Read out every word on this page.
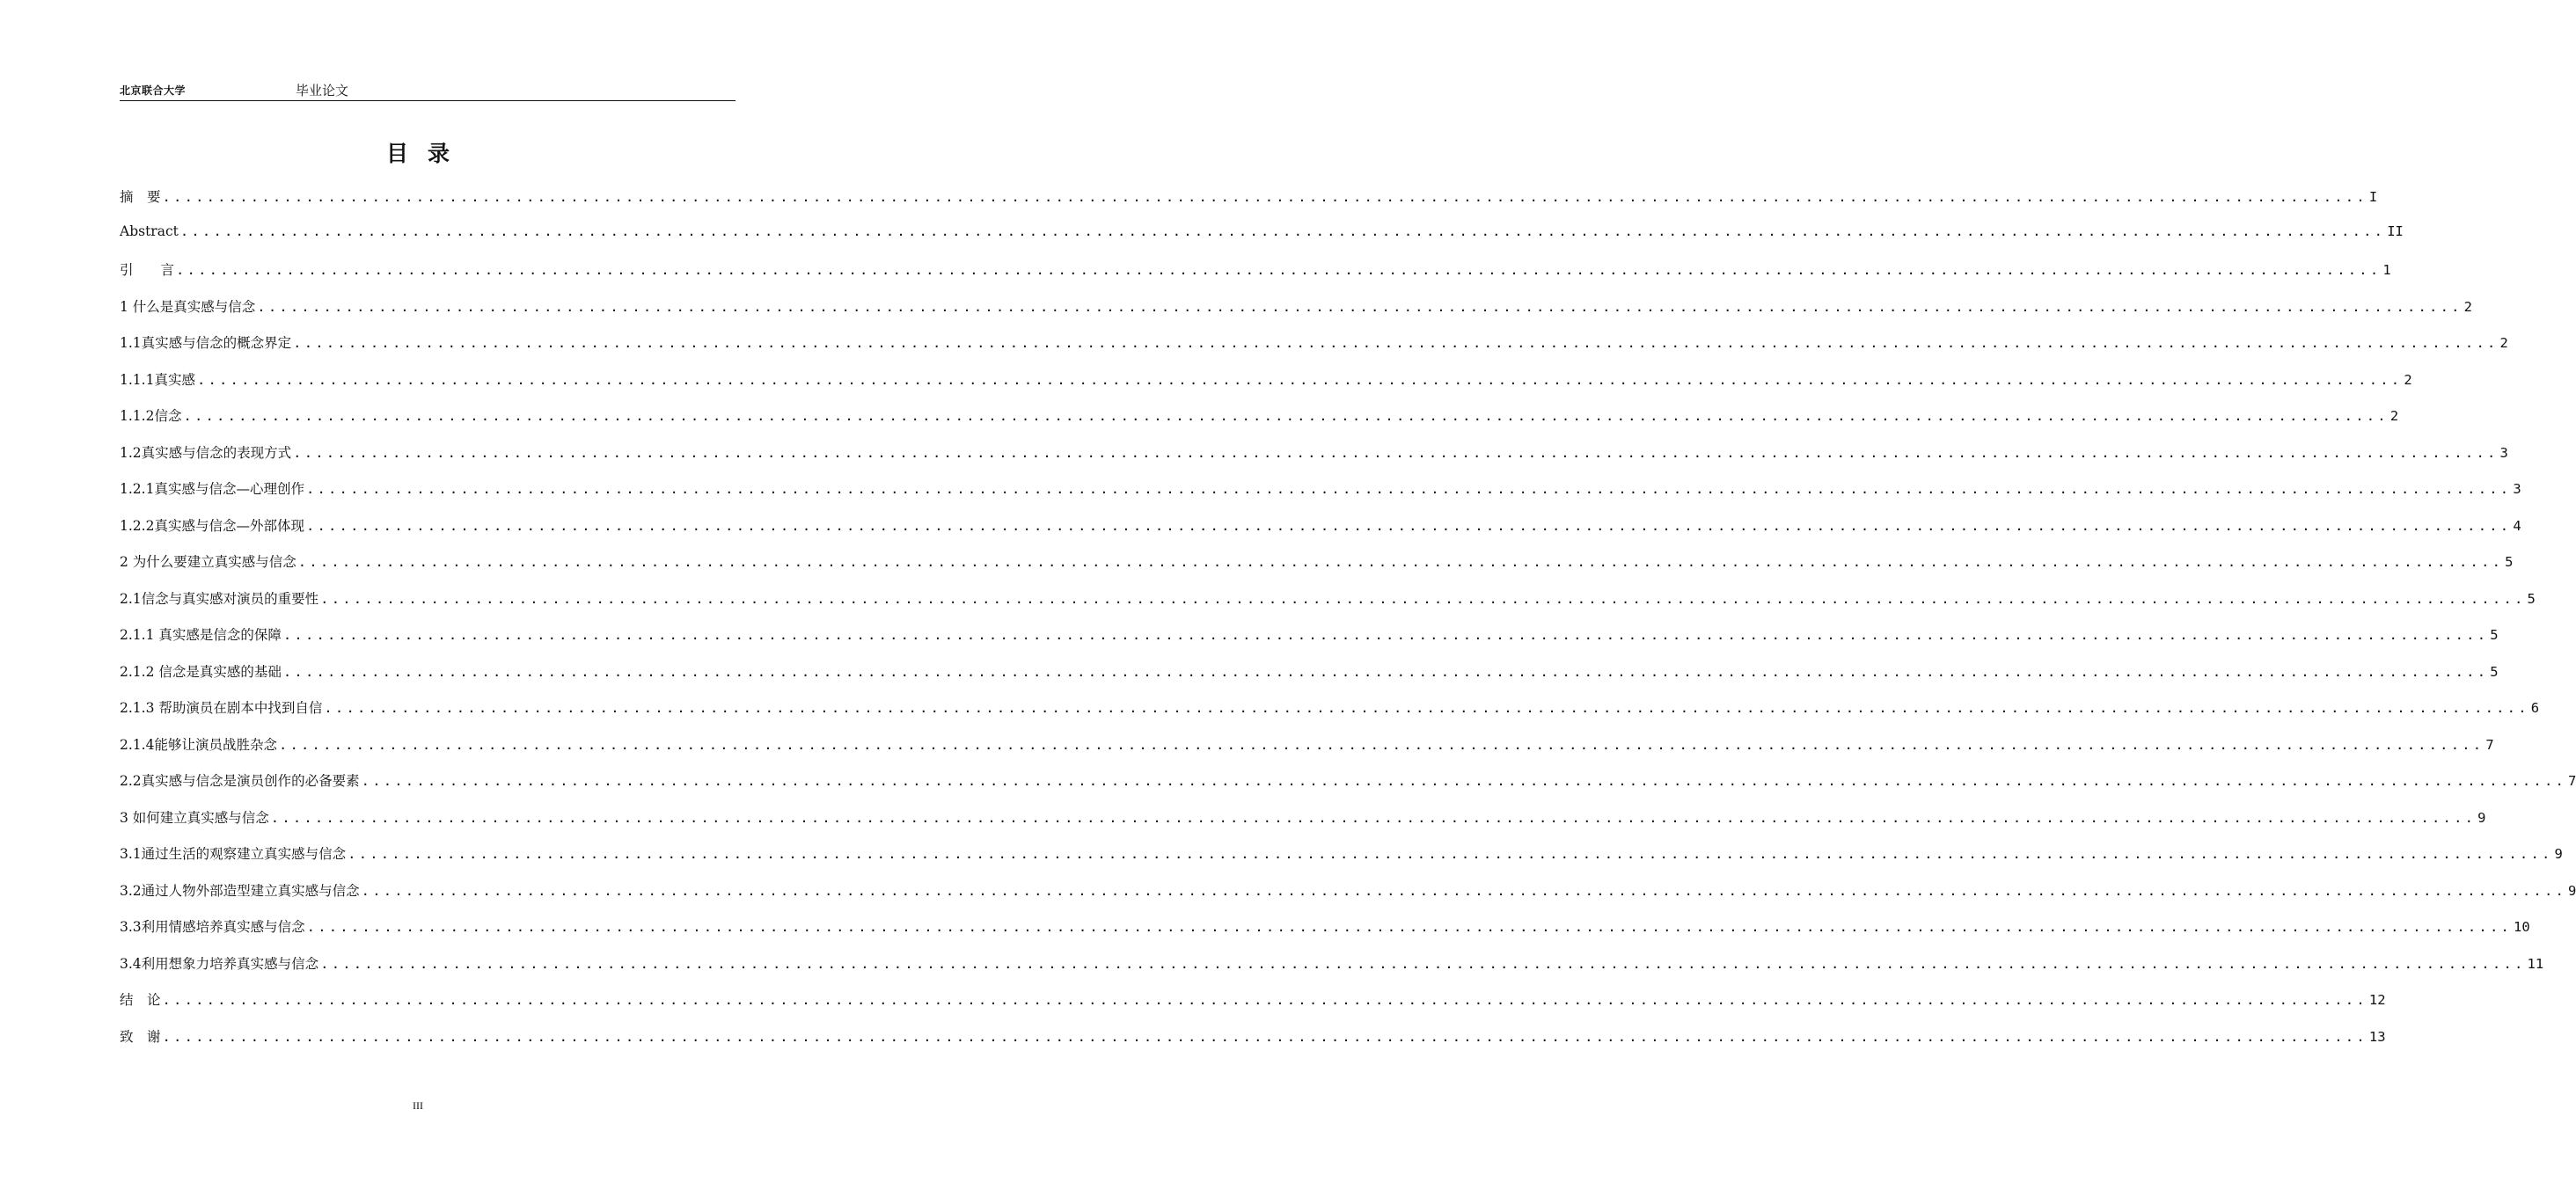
北京联合大学	毕业论文
目录
摘　要 ........................................................................................................................................................................................................ I
Abstract ........................................................................................................................................................................................................ II
引　　言 ........................................................................................................................................................................................................ 1
1 什么是真实感与信念 ........................................................................................................................................................................................................ 2
1.1真实感与信念的概念界定 ........................................................................................................................................................................................................ 2
1.1.1真实感 ........................................................................................................................................................................................................ 2
1.1.2信念 ........................................................................................................................................................................................................ 2
1.2真实感与信念的表现方式 ........................................................................................................................................................................................................ 3
1.2.1真实感与信念—心理创作 ........................................................................................................................................................................................................ 3
1.2.2真实感与信念—外部体现 ........................................................................................................................................................................................................ 4
2 为什么要建立真实感与信念 ........................................................................................................................................................................................................ 5
2.1信念与真实感对演员的重要性 ........................................................................................................................................................................................................ 5
2.1.1 真实感是信念的保障 ........................................................................................................................................................................................................ 5
2.1.2 信念是真实感的基础 ........................................................................................................................................................................................................ 5
2.1.3 帮助演员在剧本中找到自信 ........................................................................................................................................................................................................ 6
2.1.4能够让演员战胜杂念 ........................................................................................................................................................................................................ 7
2.2真实感与信念是演员创作的必备要素 ........................................................................................................................................................................................................ 7
3 如何建立真实感与信念 ........................................................................................................................................................................................................ 9
3.1通过生活的观察建立真实感与信念 ........................................................................................................................................................................................................ 9
3.2通过人物外部造型建立真实感与信念 ........................................................................................................................................................................................................ 9
3.3利用情感培养真实感与信念 ........................................................................................................................................................................................................ 10
3.4利用想象力培养真实感与信念 ........................................................................................................................................................................................................ 11
结　论 ........................................................................................................................................................................................................ 12
致　谢 ........................................................................................................................................................................................................ 13
III
